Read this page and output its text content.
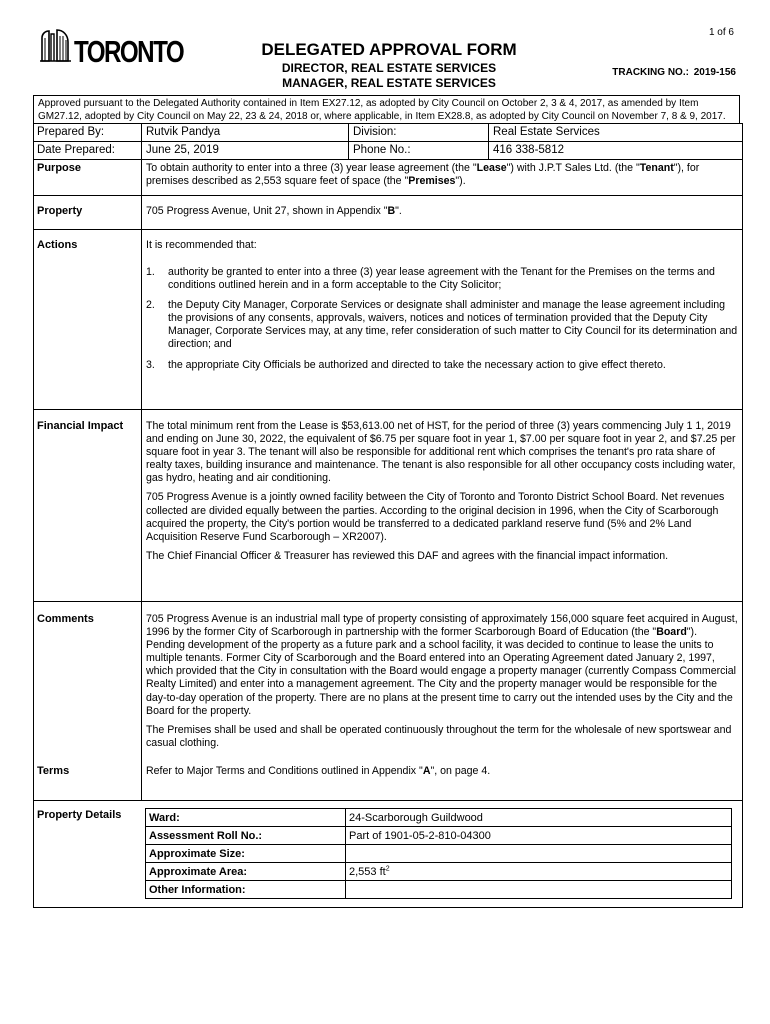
1 of 6
TORONTO	DELEGATED APPROVAL FORM
DIRECTOR, REAL ESTATE SERVICES
MANAGER, REAL ESTATE SERVICES
TRACKING NO.: 2019-156
Approved pursuant to the Delegated Authority contained in Item EX27.12, as adopted by City Council on October 2, 3 & 4, 2017, as amended by Item GM27.12, adopted by City Council on May 22, 23 & 24, 2018 or, where applicable, in Item EX28.8, as adopted by City Council on November 7, 8 & 9, 2017.
Prepared By:	Rutvik Pandya	Division:	Real Estate Services
Date Prepared:	June 25, 2019	Phone No.:	416 338-5812
Purpose	To obtain authority to enter into a three (3) year lease agreement (the "Lease") with J.P.T Sales Ltd. (the "Tenant"), for premises described as 2,553 square feet of space (the "Premises").

Property	705 Progress Avenue, Unit 27, shown in Appendix "B".

Actions	It is recommended that:
1.	authority be granted to enter into a three (3) year lease agreement with the Tenant for the Premises on the terms and conditions outlined herein and in a form acceptable to the City Solicitor;
2.	the Deputy City Manager, Corporate Services or designate shall administer and manage the lease agreement including the provisions of any consents, approvals, waivers, notices and notices of termination provided that the Deputy City Manager, Corporate Services may, at any time, refer consideration of such matter to City Council for its determination and direction; and
3.	the appropriate City Officials be authorized and directed to take the necessary action to give effect thereto.
Financial Impact The total minimum rent from the Lease is $53,613.00 net of HST, for the period of three (3) years commencing July 1 1, 2019 and ending on June 30, 2022, the equivalent of $6.75 per square foot in year 1, $7.00 per square foot in year 2, and $7.25 per square foot in year 3. The tenant will also be responsible for additional rent which comprises the tenant's pro rata share of realty taxes, building insurance and maintenance. The tenant is also responsible for all other occupancy costs including water, gas hydro, heating and air conditioning.

705 Progress Avenue is a jointly owned facility between the City of Toronto and Toronto District School Board. Net revenues collected are divided equally between the parties. According to the original decision in 1996, when the City of Scarborough acquired the property, the City's portion would be transferred to a dedicated parkland reserve fund (5% and 2% Land Acquisition Reserve Fund Scarborough – XR2007).

The Chief Financial Officer & Treasurer has reviewed this DAF and agrees with the financial impact information.

Comments	705 Progress Avenue is an industrial mall type of property consisting of approximately 156,000 square feet acquired in August, 1996 by the former City of Scarborough in partnership with the former Scarborough Board of Education (the "Board"). Pending development of the property as a future park and a school facility, it was decided to continue to lease the units to multiple tenants. Former City of Scarborough and the Board entered into an Operating Agreement dated January 2, 1997, which provided that the City in consultation with the Board would engage a property manager (currently Compass Commercial Realty Limited) and enter into a management agreement. The City and the property manager would be responsible for the day-to-day operation of the property. There are no plans at the present time to carry out the intended uses by the City and the Board for the property.

The Premises shall be used and shall be operated continuously throughout the term for the wholesale of new sportswear and casual clothing.

Terms	Refer to Major Terms and Conditions outlined in Appendix "A", on page 4.

Property Details	Ward:	24-Scarborough Guildwood
Assessment Roll No.:	Part of 1901-05-2-810-04300
Approximate Size:	
Approximate Area:	2,553 $ft^2$
Other Information:	
